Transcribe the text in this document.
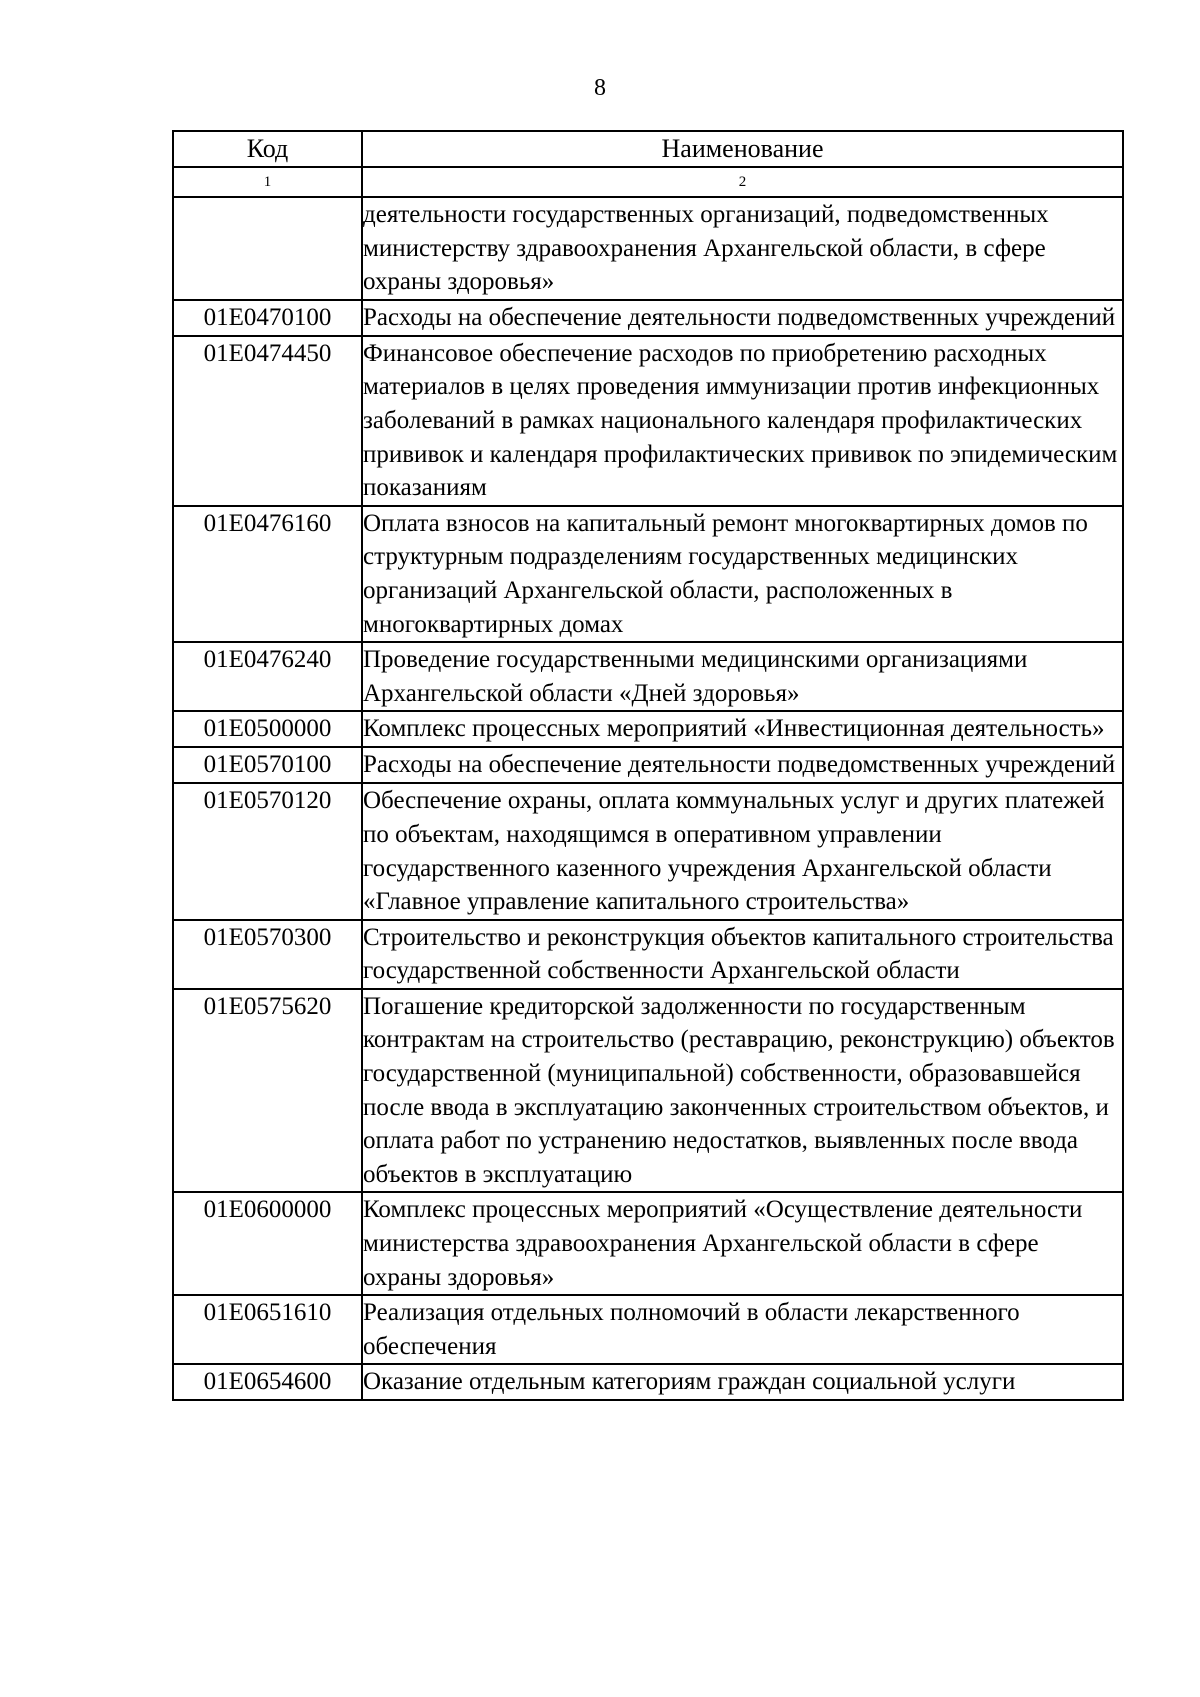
8
Код	Наименование
1	2
	деятельности государственных организаций, подведомственных министерству здравоохранения Архангельской области, в сфере охраны здоровья»
01Е0470100	Расходы на обеспечение деятельности подведомственных учреждений
01Е0474450	Финансовое обеспечение расходов по приобретению расходных материалов в целях проведения иммунизации против инфекционных заболеваний в рамках национального календаря профилактических прививок и календаря профилактических прививок по эпидемическим показаниям
01Е0476160	Оплата взносов на капитальный ремонт многоквартирных домов по структурным подразделениям государственных медицинских организаций Архангельской области, расположенных в многоквартирных домах
01Е0476240	Проведение государственными медицинскими организациями Архангельской области «Дней здоровья»
01Е0500000	Комплекс процессных мероприятий «Инвестиционная деятельность»
01Е0570100	Расходы на обеспечение деятельности подведомственных учреждений
01Е0570120	Обеспечение охраны, оплата коммунальных услуг и других платежей по объектам, находящимся в оперативном управлении государственного казенного учреждения Архангельской области «Главное управление капитального строительства»
01Е0570300	Строительство и реконструкция объектов капитального строительства государственной собственности Архангельской области
01Е0575620	Погашение кредиторской задолженности по государственным контрактам на строительство (реставрацию, реконструкцию) объектов государственной (муниципальной) собственности, образовавшейся после ввода в эксплуатацию законченных строительством объектов, и оплата работ по устранению недостатков, выявленных после ввода объектов в эксплуатацию
01Е0600000	Комплекс процессных мероприятий «Осуществление деятельности министерства здравоохранения Архангельской области в сфере охраны здоровья»
01Е0651610	Реализация отдельных полномочий в области лекарственного обеспечения
01Е0654600	Оказание отдельным категориям граждан социальной услуги
